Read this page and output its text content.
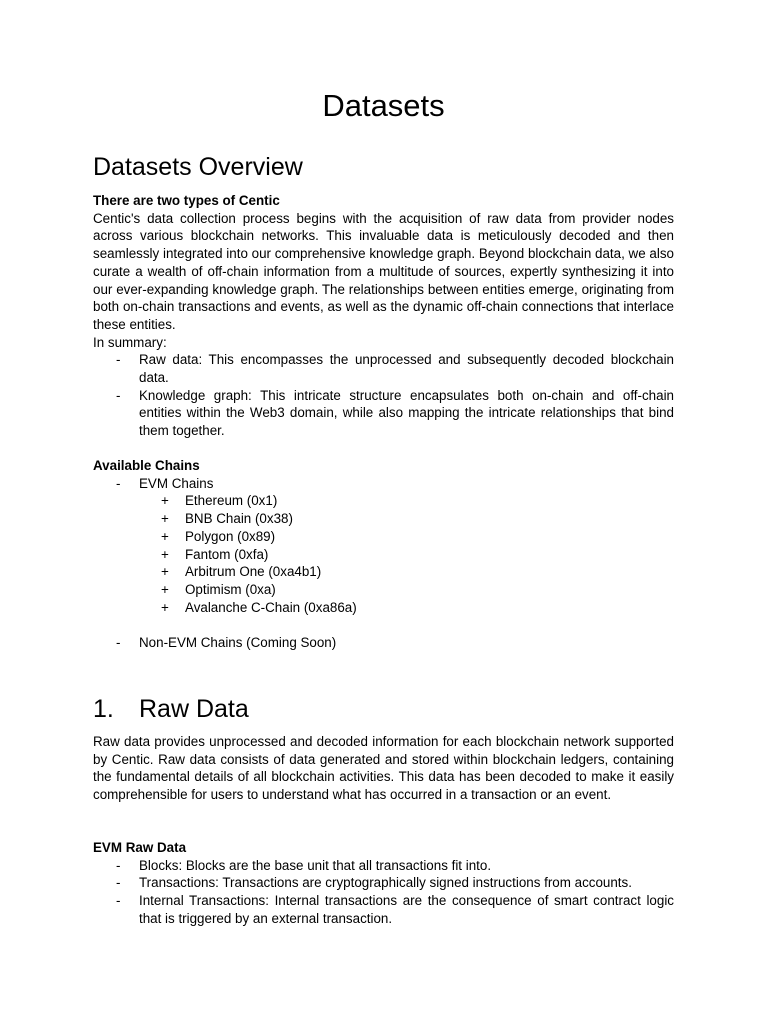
Datasets
Datasets Overview

There are two types of Centic

Centic's data collection process begins with the acquisition of raw data from provider nodes across various blockchain networks. This invaluable data is meticulously decoded and then seamlessly integrated into our comprehensive knowledge graph. Beyond blockchain data, we also curate a wealth of off-chain information from a multitude of sources, expertly synthesizing it into our ever-expanding knowledge graph. The relationships between entities emerge, originating from both on-chain transactions and events, as well as the dynamic off-chain connections that interlace these entities.

In summary:

- Raw data: This encompasses the unprocessed and subsequently decoded blockchain data.
- Knowledge graph: This intricate structure encapsulates both on-chain and off-chain entities within the Web3 domain, while also mapping the intricate relationships that bind them together.

Available Chains

- EVM Chains
+ Ethereum (0x1)
+ BNB Chain (0x38)
+ Polygon (0x89)
+ Fantom (0xfa)
+ Arbitrum One (0xa4b1)
+ Optimism (0xa)
+ Avalanche C-Chain (0xa86a)
- Non-EVM Chains (Coming Soon)
1. Raw Data

Raw data provides unprocessed and decoded information for each blockchain network supported by Centic. Raw data consists of data generated and stored within blockchain ledgers, containing the fundamental details of all blockchain activities. This data has been decoded to make it easily comprehensible for users to understand what has occurred in a transaction or an event.

EVM Raw Data

- Blocks: Blocks are the base unit that all transactions fit into.
- Transactions: Transactions are cryptographically signed instructions from accounts.
- Internal Transactions: Internal transactions are the consequence of smart contract logic that is triggered by an external transaction.
